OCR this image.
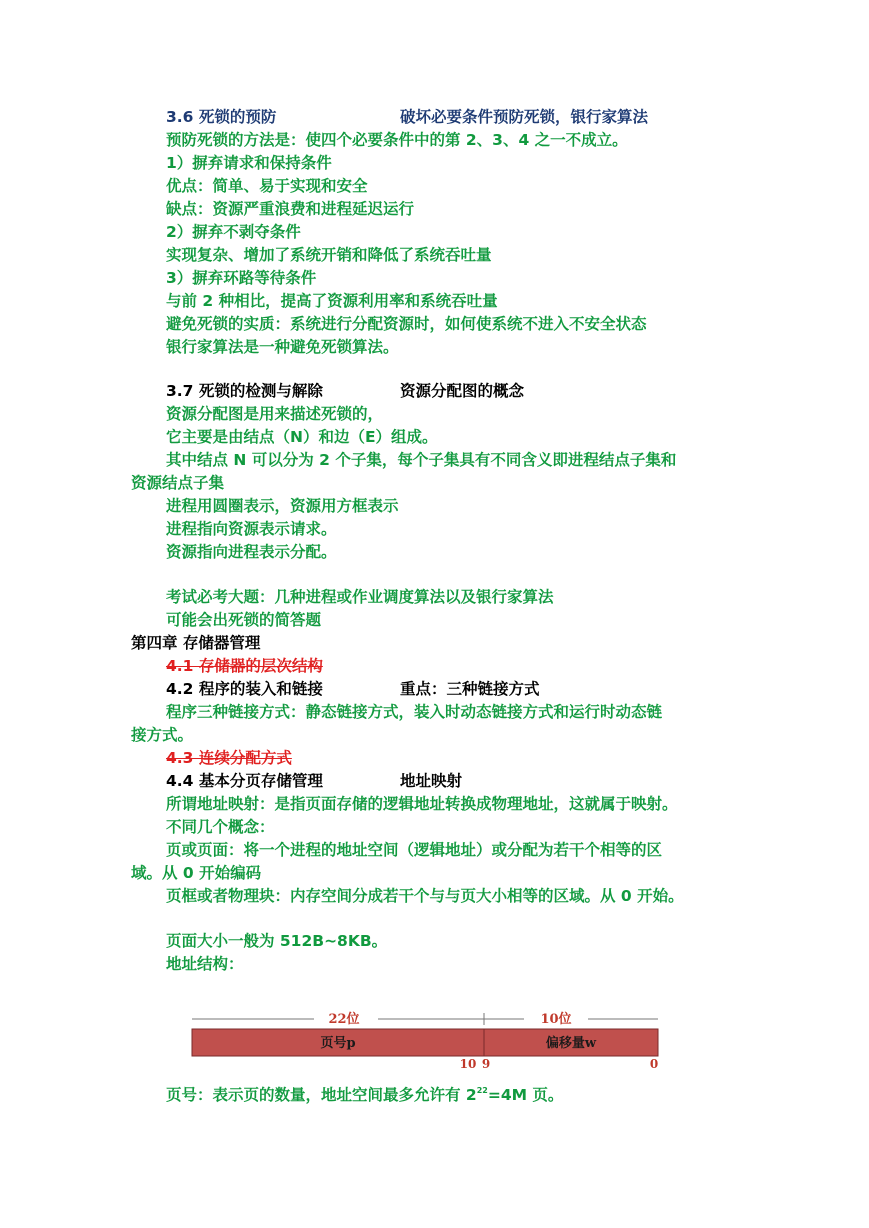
3.6 死锁的预防	破坏必要条件预防死锁，银行家算法
预防死锁的方法是：使四个必要条件中的第 2、3、4 之一不成立。
1）摒弃请求和保持条件
优点：简单、易于实现和安全
缺点：资源严重浪费和进程延迟运行
2）摒弃不剥夺条件
实现复杂、增加了系统开销和降低了系统吞吐量
3）摒弃环路等待条件
与前 2 种相比，提高了资源利用率和系统吞吐量
避免死锁的实质：系统进行分配资源时，如何使系统不进入不安全状态
银行家算法是一种避免死锁算法。
3.7 死锁的检测与解除	资源分配图的概念
资源分配图是用来描述死锁的，
它主要是由结点（N）和边（E）组成。
其中结点 N 可以分为 2 个子集，每个子集具有不同含义即进程结点子集和
资源结点子集
进程用圆圈表示，资源用方框表示
进程指向资源表示请求。
资源指向进程表示分配。
考试必考大题：几种进程或作业调度算法以及银行家算法
可能会出死锁的简答题
第四章 存储器管理
4.1 存储器的层次结构
4.2 程序的装入和链接	重点：三种链接方式
程序三种链接方式：静态链接方式，装入时动态链接方式和运行时动态链
接方式。
4.3 连续分配方式
4.4 基本分页存储管理	地址映射
所谓地址映射：是指页面存储的逻辑地址转换成物理地址，这就属于映射。
不同几个概念：
页或页面：将一个进程的地址空间（逻辑地址）或分配为若干个相等的区
域。从 0 开始编码
页框或者物理块：内存空间分成若干个与与页大小相等的区域。从 0 开始。
页面大小一般为 512B~8KB。
地址结构：
22位	10位
页号p	偏移量w
10 9	0
页号：表示页的数量，地址空间最多允许有 $2^{22}=4M$ 页。
